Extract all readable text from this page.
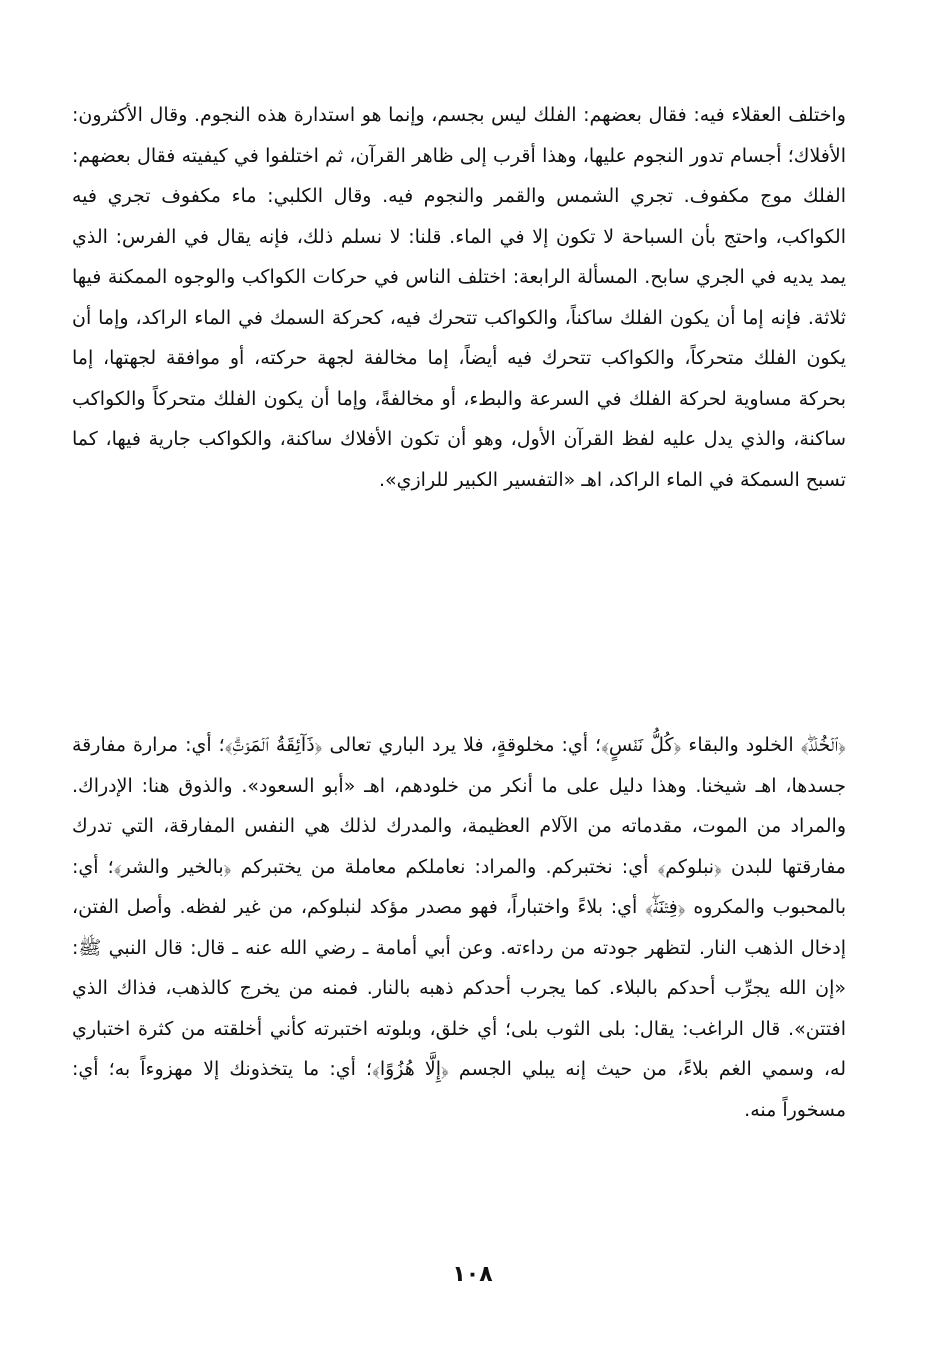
واختلف العقلاء فيه: فقال بعضهم: الفلك ليس بجسم، وإنما هو استدارة هذه النجوم. وقال الأكثرون: الأفلاك؛ أجسام تدور النجوم عليها، وهذا أقرب إلى ظاهر القرآن، ثم اختلفوا في كيفيته فقال بعضهم: الفلك موج مكفوف. تجري الشمس والقمر والنجوم فيه. وقال الكلبي: ماء مكفوف تجري فيه الكواكب، واحتج بأن السباحة لا تكون إلا في الماء. قلنا: لا نسلم ذلك، فإنه يقال في الفرس: الذي يمد يديه في الجري سابح. المسألة الرابعة: اختلف الناس في حركات الكواكب والوجوه الممكنة فيها ثلاثة. فإنه إما أن يكون الفلك ساكناً، والكواكب تتحرك فيه، كحركة السمك في الماء الراكد، وإما أن يكون الفلك متحركاً، والكواكب تتحرك فيه أيضاً، إما مخالفة لجهة حركته، أو موافقة لجهتها، إما بحركة مساوية لحركة الفلك في السرعة والبطء، أو مخالفةً، وإما أن يكون الفلك متحركاً والكواكب ساكنة، والذي يدل عليه لفظ القرآن الأول، وهو أن تكون الأفلاك ساكنة، والكواكب جارية فيها، كما تسبح السمكة في الماء الراكد، اهـ «التفسير الكبير للرازي».

﴿ٱلۡخُلۡدَۖ﴾ الخلود والبقاء ﴿كُلُّ نَفۡسٍ﴾؛ أي: مخلوقةٍ، فلا يرد الباري تعالى ﴿ذَآئِقَةُ ٱلۡمَوۡتِۗ﴾؛ أي: مرارة مفارقة جسدها، اهـ شيخنا. وهذا دليل على ما أنكر من خلودهم، اهـ «أبو السعود». والذوق هنا: الإدراك. والمراد من الموت، مقدماته من الآلام العظيمة، والمدرك لذلك هي النفس المفارقة، التي تدرك مفارقتها للبدن ﴿نبلوكم﴾ أي: نختبركم. والمراد: نعاملكم معاملة من يختبركم ﴿بالخير والشر﴾؛ أي: بالمحبوب والمكروه ﴿فِتۡنَةٗۖ﴾ أي: بلاءً واختباراً، فهو مصدر مؤكد لنبلوكم، من غير لفظه. وأصل الفتن، إدخال الذهب النار. لتظهر جودته من رداءته. وعن أبي أمامة ـ رضي الله عنه ـ قال: قال النبي ﷺ: «إن الله يجرِّب أحدكم بالبلاء. كما يجرب أحدكم ذهبه بالنار. فمنه من يخرج كالذهب، فذاك الذي افتتن». قال الراغب: يقال: بلى الثوب بلى؛ أي خلق، وبلوته اختبرته كأني أخلقته من كثرة اختباري له، وسمي الغم بلاءً، من حيث إنه يبلي الجسم ﴿إِلَّا هُزُوًا﴾؛ أي: ما يتخذونك إلا مهزوءاً به؛ أي: مسخوراً منه.

١٠٨
